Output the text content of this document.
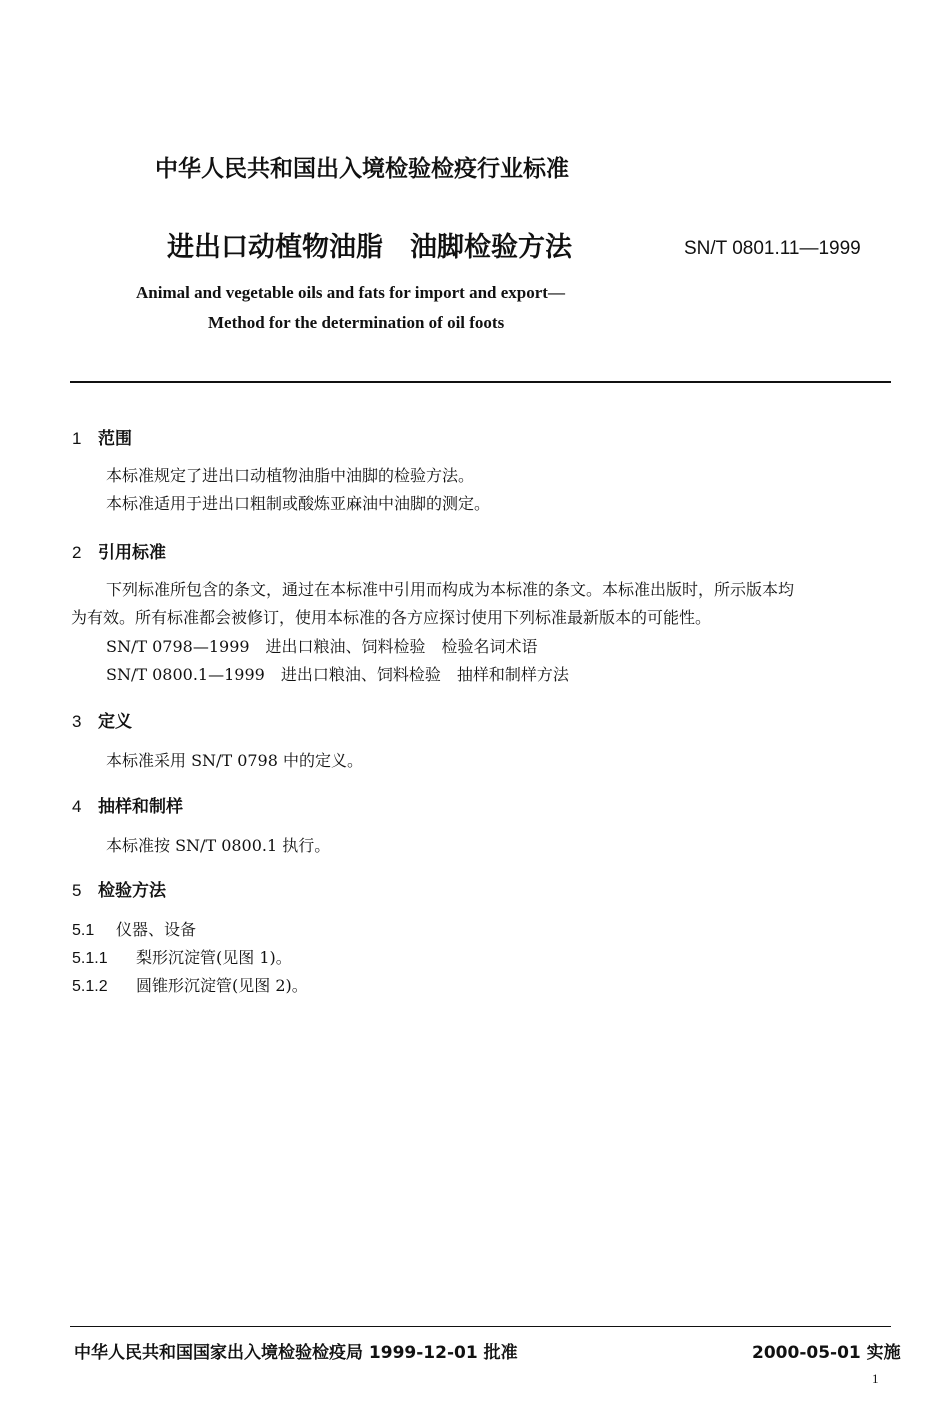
中华人民共和国出入境检验检疫行业标准
进出口动植物油脂　油脚检验方法	SN/T 0801.11—1999
Animal and vegetable oils and fats for import and export—
Method for the determination of oil foots
1 范围
本标准规定了进出口动植物油脂中油脚的检验方法。
本标准适用于进出口粗制或酸炼亚麻油中油脚的测定。
2 引用标准
下列标准所包含的条文，通过在本标准中引用而构成为本标准的条文。本标准出版时，所示版本均
为有效。所有标准都会被修订，使用本标准的各方应探讨使用下列标准最新版本的可能性。
SN/T 0798—1999　进出口粮油、饲料检验　检验名词术语
SN/T 0800.1—1999　进出口粮油、饲料检验　抽样和制样方法
3 定义
本标准采用 SN/T 0798 中的定义。
4 抽样和制样
本标准按 SN/T 0800.1 执行。
5 检验方法
5.1 仪器、设备
5.1.1 梨形沉淀管(见图 1)。
5.1.2 圆锥形沉淀管(见图 2)。
中华人民共和国国家出入境检验检疫局 1999-12-01 批准	2000-05-01 实施
1
